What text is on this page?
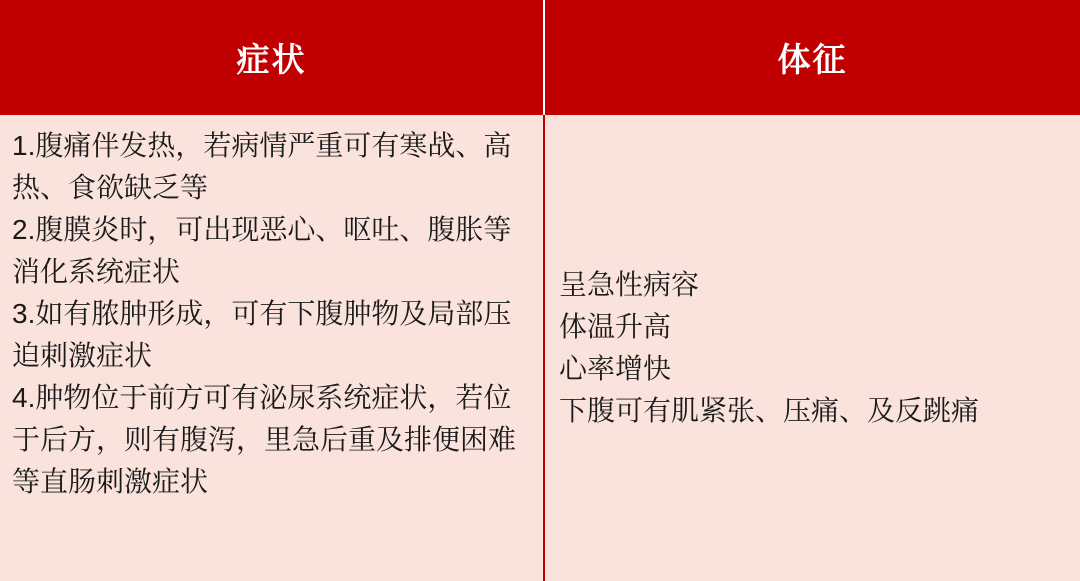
症状	体征

1.腹痛伴发热，若病情严重可有寒战、高热、食欲缺乏等
2.腹膜炎时，可出现恶心、呕吐、腹胀等消化系统症状
3.如有脓肿形成，可有下腹肿物及局部压迫刺激症状
4.肿物位于前方可有泌尿系统症状，若位于后方，则有腹泻，里急后重及排便困难等直肠刺激症状	呈急性病容
体温升高
心率增快
下腹可有肌紧张、压痛、及反跳痛
